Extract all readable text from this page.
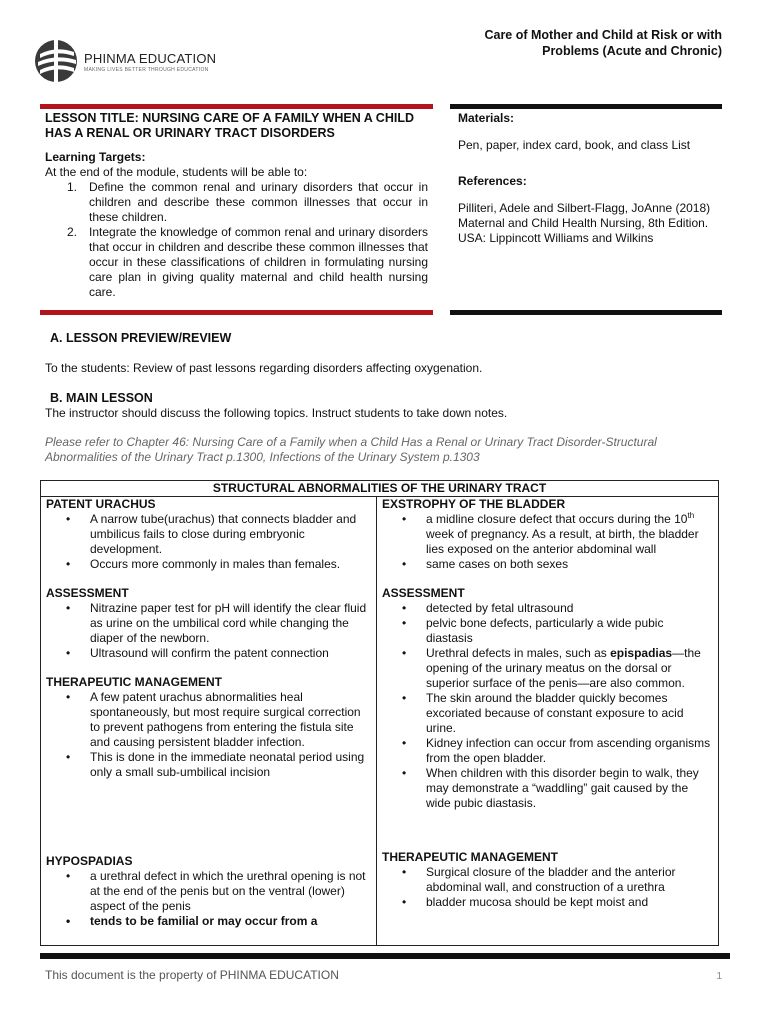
PHINMA EDUCATION
MAKING LIVES BETTER THROUGH EDUCATION
Care of Mother and Child at Risk or with
Problems (Acute and Chronic)

LESSON TITLE: NURSING CARE OF A FAMILY WHEN A CHILD HAS A RENAL OR URINARY TRACT DISORDERS

Learning Targets:

At the end of the module, students will be able to:

1. Define the common renal and urinary disorders that occur in children and describe these common illnesses that occur in these children.
2. Integrate the knowledge of common renal and urinary disorders that occur in children and describe these common illnesses that occur in these classifications of children in formulating nursing care plan in giving quality maternal and child health nursing care.

Materials:

Pen, paper, index card, book, and class List

References:

Pilliteri, Adele and Silbert-Flagg, JoAnne (2018) Maternal and Child Health Nursing, 8th Edition. USA: Lippincott Williams and Wilkins

A. LESSON PREVIEW/REVIEW
To the students: Review of past lessons regarding disorders affecting oxygenation.
B. MAIN LESSON
The instructor should discuss the following topics. Instruct students to take down notes.
Please refer to Chapter 46: Nursing Care of a Family when a Child Has a Renal or Urinary Tract Disorder-Structural Abnormalities of the Urinary Tract p.1300, Infections of the Urinary System p.1303
STRUCTURAL ABNORMALITIES OF THE URINARY TRACT

PATENT URACHUS
• A narrow tube(urachus) that connects bladder and umbilicus fails to close during embryonic development.
• Occurs more commonly in males than females.
ASSESSMENT
• Nitrazine paper test for pH will identify the clear fluid as urine on the umbilical cord while changing the diaper of the newborn.
• Ultrasound will confirm the patent connection
THERAPEUTIC MANAGEMENT
• A few patent urachus abnormalities heal spontaneously, but most require surgical correction to prevent pathogens from entering the fistula site and causing persistent bladder infection.
• This is done in the immediate neonatal period using only a small sub-umbilical incision
HYPOSPADIAS
• a urethral defect in which the urethral opening is not at the end of the penis but on the ventral (lower) aspect of the penis
• tends to be familial or may occur from a

EXSTROPHY OF THE BLADDER
• a midline closure defect that occurs during the 10th week of pregnancy. As a result, at birth, the bladder lies exposed on the anterior abdominal wall
• same cases on both sexes
ASSESSMENT
• detected by fetal ultrasound
• pelvic bone defects, particularly a wide pubic diastasis
• Urethral defects in males, such as epispadias—the opening of the urinary meatus on the dorsal or superior surface of the penis—are also common.
• The skin around the bladder quickly becomes excoriated because of constant exposure to acid urine.
• Kidney infection can occur from ascending organisms from the open bladder.
• When children with this disorder begin to walk, they may demonstrate a “waddling” gait caused by the wide pubic diastasis.
THERAPEUTIC MANAGEMENT
• Surgical closure of the bladder and the anterior abdominal wall, and construction of a urethra
• bladder mucosa should be kept moist and
This document is the property of PHINMA EDUCATION	1
